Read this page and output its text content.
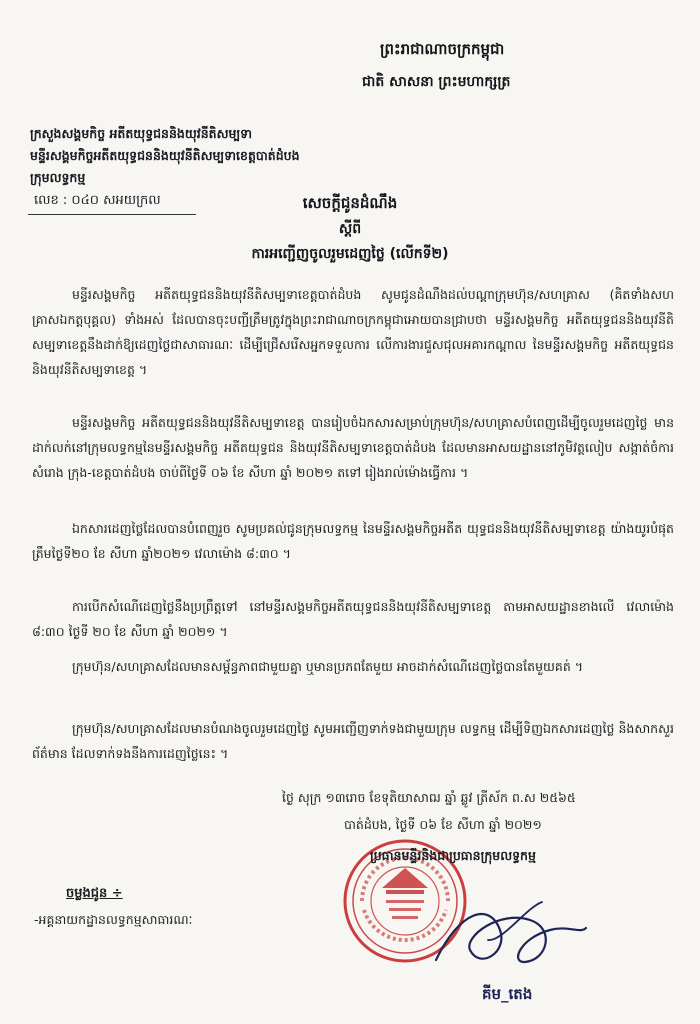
ព្រះរាជាណាចក្រកម្ពុជា
ជាតិ សាសនា ព្រះមហាក្សត្រ
ក្រសួងសង្គមកិច្ច អតីតយុទ្ធជននិងយុវនីតិសម្បទា
មន្ទីរសង្គមកិច្ចអតីតយុទ្ធជននិងយុវនីតិសម្បទាខេត្តបាត់ដំបង
ក្រុមលទ្ធកម្ម
លេខ : ០៤០ សអយក្រល	សេចក្តីជូនដំណឹង
ស្តីពី
ការអញ្ជើញចូលរួមដេញថ្លៃ (លើកទី២)
មន្ទីរសង្គមកិច្ច អតីតយុទ្ធជននិងយុវនីតិសម្បទាខេត្តបាត់ដំបង សូមជូនដំណឹងដល់បណ្តាក្រុមហ៊ុន/សហគ្រាស (គិតទាំងសហគ្រាសឯកត្តបុគ្គល) ទាំងអស់ ដែលបានចុះបញ្ជីត្រឹមត្រូវក្នុងព្រះរាជាណាចក្រកម្ពុជាអោយបានជ្រាបថា មន្ទីរសង្គមកិច្ច អតីតយុទ្ធជននិងយុវនីតិសម្បទាខេត្តនឹងដាក់ឱ្យដេញថ្លៃជាសាធារណៈ ដើម្បីជ្រើសរើសអ្នកទទួលការ លើការងារជួសជុលអគារកណ្តាល នៃមន្ទីរសង្គមកិច្ច អតីតយុទ្ធជននិងយុវនីតិសម្បទាខេត្ត ។
មន្ទីរសង្គមកិច្ច អតីតយុទ្ធជននិងយុវនីតិសម្បទាខេត្ត បានរៀបចំឯកសារសម្រាប់ក្រុមហ៊ុន/សហគ្រាសបំពេញដើម្បីចូលរួមដេញថ្លៃ មានដាក់លក់នៅក្រុមលទ្ធកម្មនៃមន្ទីរសង្គមកិច្ច អតីតយុទ្ធជន និងយុវនីតិសម្បទាខេត្តបាត់ដំបង ដែលមានអាសយដ្ឋាននៅភូមិវត្តលៀប សង្កាត់ចំការ សំរោង ក្រុង-ខេត្តបាត់ដំបង ចាប់ពីថ្ងៃទី ០៦ ខែ សីហា ឆ្នាំ ២០២១ តទៅ រៀងរាល់ម៉ោងធ្វើការ ។
ឯកសារដេញថ្លៃដែលបានបំពេញរួច សូមប្រគល់ជូនក្រុមលទ្ធកម្ម នៃមន្ទីរសង្គមកិច្ចអតីត យុទ្ធជននិងយុវនីតិសម្បទាខេត្ត យ៉ាងយូរបំផុតត្រឹមថ្ងៃទី២០ ខែ សីហា ឆ្នាំ២០២១ វេលាម៉ោង ៨:៣០ ។
ការបើកសំណើដេញថ្លៃនឹងប្រព្រឹត្តទៅ នៅមន្ទីរសង្គមកិច្ចអតីតយុទ្ធជននិងយុវនីតិសម្បទាខេត្ត តាមអាសយដ្ឋានខាងលើ វេលាម៉ោង ៨:៣០ ថ្ងៃទី ២០ ខែ សីហា ឆ្នាំ ២០២១ ។
ក្រុមហ៊ុន/សហគ្រាសដែលមានសម្ព័ន្ធភាពជាមួយគ្នា ឬមានប្រភពតែមួយ អាចដាក់សំណើដេញថ្លៃបានតែមួយគត់ ។
ក្រុមហ៊ុន/សហគ្រាសដែលមានបំណងចូលរួមដេញថ្លៃ សូមអញ្ជើញទាក់ទងជាមួយក្រុម លទ្ធកម្ម ដើម្បីទិញឯកសារដេញថ្លៃ និងសាកសួរព័ត៌មាន ដែលទាក់ទងនឹងការដេញថ្លៃនេះ ។
ថ្ងៃ សុក្រ ១៣រោច ខែទុតិយាសាឍ ឆ្នាំ ឆ្លូវ ត្រីស័ក ព.ស ២៥៦៥
បាត់ដំបង, ថ្ងៃទី ០៦ ខែ សីហា ឆ្នាំ ២០២១
ប្រធានមន្ទីរនិងជាប្រធានក្រុមលទ្ធកម្ម
គីម_តេង
ចម្លងជូន ÷
-អគ្គនាយកដ្ឋានលទ្ធកម្មសាធារណៈ
